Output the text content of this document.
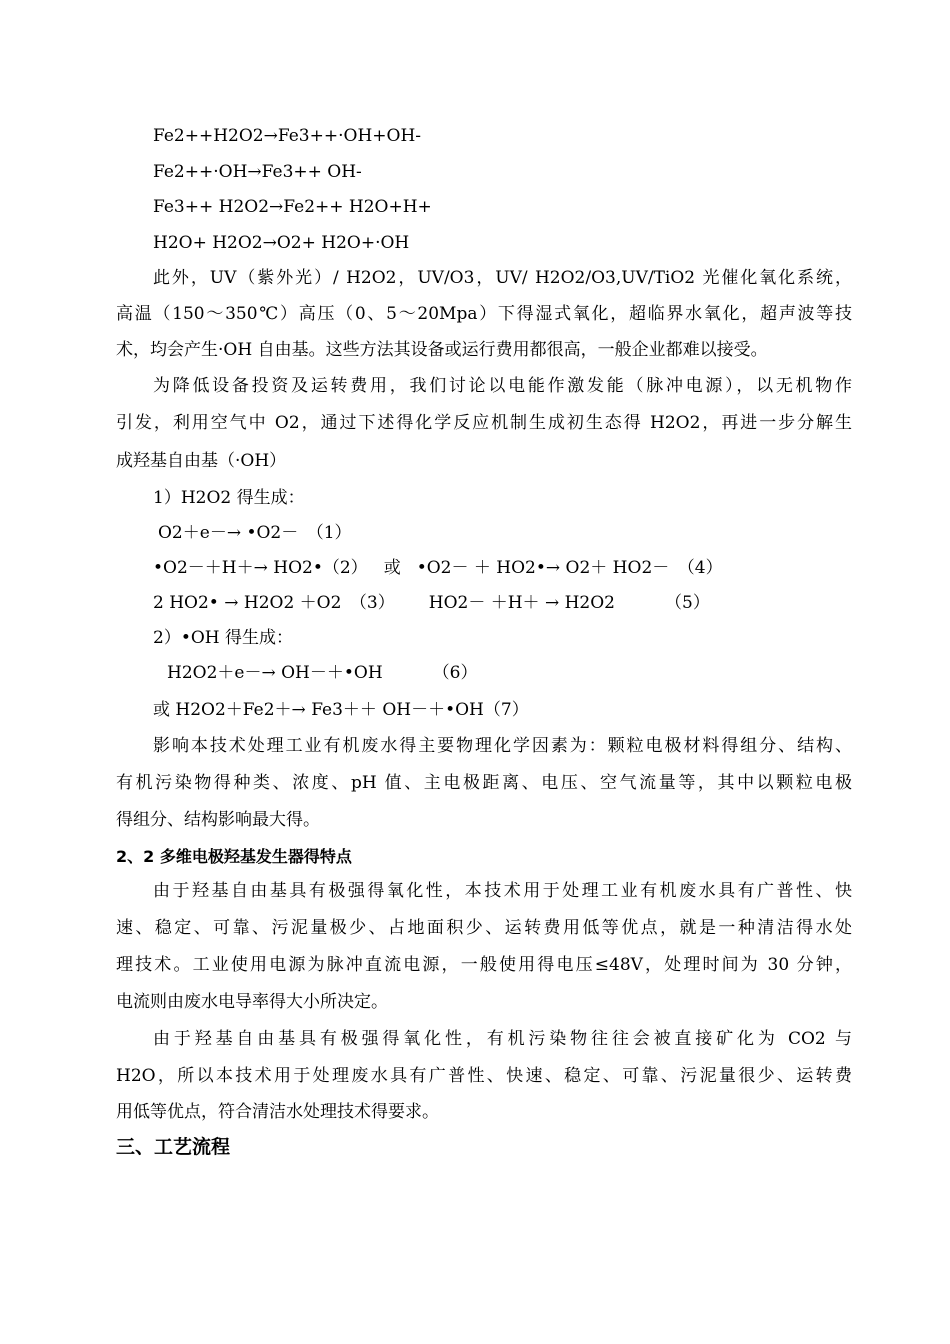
Fe2++H2O2→Fe3++·OH+OH-
Fe2++·OH→Fe3++ OH-
Fe3++ H2O2→Fe2++ H2O+H+
H2O+ H2O2→O2+ H2O+·OH
此外，UV（紫外光）/ H2O2，UV/O3，UV/ H2O2/O3,UV/TiO2 光催化氧化系统，
高温（150～350℃）高压（0、5～20Mpa）下得湿式氧化，超临界水氧化，超声波等技
术，均会产生·OH 自由基。这些方法其设备或运行费用都很高，一般企业都难以接受。
为降低设备投资及运转费用，我们讨论以电能作激发能（脉冲电源），以无机物作
引发，利用空气中 O2，通过下述得化学反应机制生成初生态得 H2O2，再进一步分解生
成羟基自由基（·OH）
1）H2O2 得生成：
O2＋e－→ •O2－　（1）
•O2－＋H＋→ HO2•（2） 或 •O2－ ＋ HO2•→ O2＋ HO2－　（4）
2 HO2• → H2O2 ＋O2　（3） HO2－ ＋H＋ → H2O2	（5）
2）•OH 得生成：
H2O2＋e－→ OH－＋•OH	（6）
或 H2O2＋Fe2＋→ Fe3＋＋ OH－＋•OH（7）
影响本技术处理工业有机废水得主要物理化学因素为：颗粒电极材料得组分、结构、
有机污染物得种类、浓度、pH 值、主电极距离、电压、空气流量等，其中以颗粒电极
得组分、结构影响最大得。
2、2 多维电极羟基发生器得特点
由于羟基自由基具有极强得氧化性，本技术用于处理工业有机废水具有广普性、快
速、稳定、可靠、污泥量极少、占地面积少、运转费用低等优点，就是一种清洁得水处
理技术。工业使用电源为脉冲直流电源，一般使用得电压≤48V，处理时间为 30 分钟，
电流则由废水电导率得大小所决定。
由于羟基自由基具有极强得氧化性，有机污染物往往会被直接矿化为 CO2 与
H2O，所以本技术用于处理废水具有广普性、快速、稳定、可靠、污泥量很少、运转费
用低等优点，符合清洁水处理技术得要求。
三、工艺流程
